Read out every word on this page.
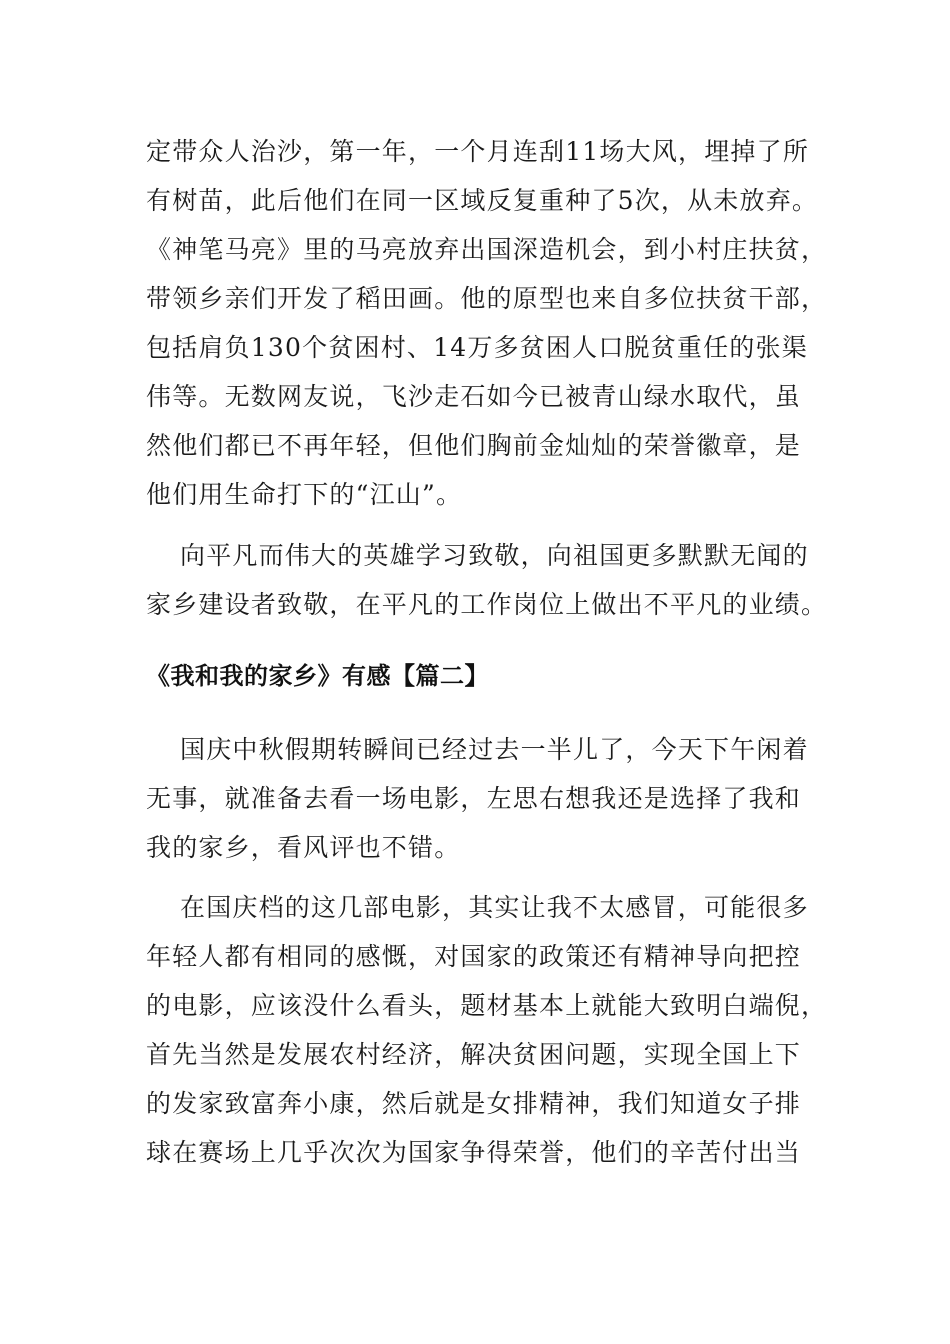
定带众人治沙，第一年，一个月连刮11场大风，埋掉了所
有树苗，此后他们在同一区域反复重种了5次，从未放弃。
《神笔马亮》里的马亮放弃出国深造机会，到小村庄扶贫，
带领乡亲们开发了稻田画。他的原型也来自多位扶贫干部，
包括肩负130个贫困村、14万多贫困人口脱贫重任的张渠
伟等。无数网友说，飞沙走石如今已被青山绿水取代，虽
然他们都已不再年轻，但他们胸前金灿灿的荣誉徽章，是
他们用生命打下的“江山”。
向平凡而伟大的英雄学习致敬，向祖国更多默默无闻的
家乡建设者致敬，在平凡的工作岗位上做出不平凡的业绩。
《我和我的家乡》有感【篇二】
国庆中秋假期转瞬间已经过去一半儿了，今天下午闲着
无事，就准备去看一场电影，左思右想我还是选择了我和
我的家乡，看风评也不错。
在国庆档的这几部电影，其实让我不太感冒，可能很多
年轻人都有相同的感慨，对国家的政策还有精神导向把控
的电影，应该没什么看头，题材基本上就能大致明白端倪，
首先当然是发展农村经济，解决贫困问题，实现全国上下
的发家致富奔小康，然后就是女排精神，我们知道女子排
球在赛场上几乎次次为国家争得荣誉，他们的辛苦付出当
